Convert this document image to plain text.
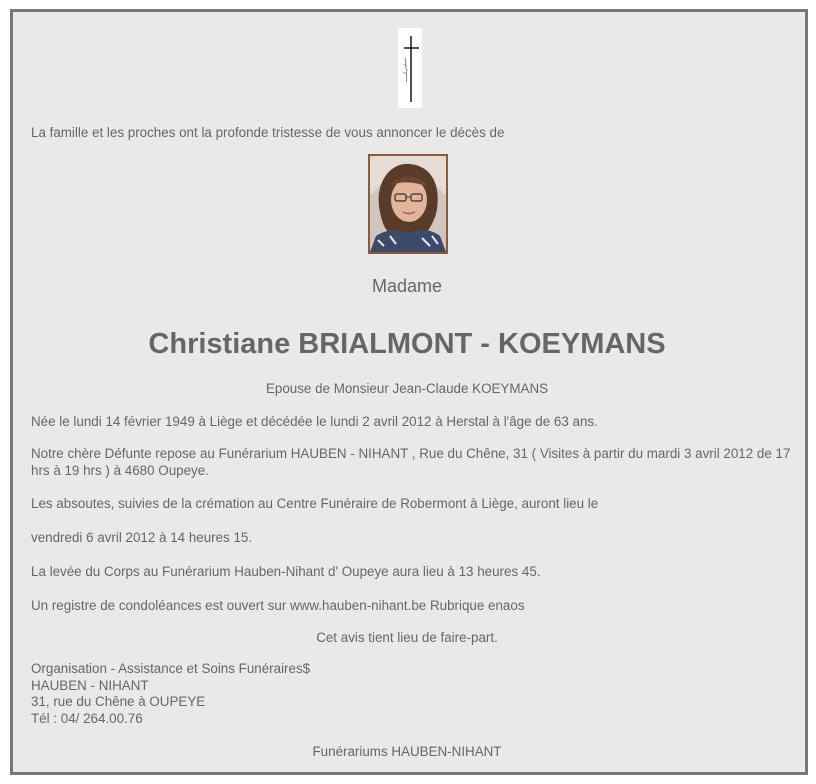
La famille et les proches ont la profonde tristesse de vous annoncer le décès de
Madame
Christiane BRIALMONT - KOEYMANS
Epouse de Monsieur Jean-Claude KOEYMANS
Née le lundi 14 février 1949 à Liège et décédée le lundi 2 avril 2012 à Herstal à l'âge de 63 ans.
Notre chère Défunte repose au Funérarium HAUBEN - NIHANT , Rue du Chêne, 31 ( Visites à partir du mardi 3 avril 2012 de 17 hrs à 19 hrs ) à 4680 Oupeye.
Les absoutes, suivies de la crémation au Centre Funéraire de Robermont à Liège, auront lieu le
vendredi 6 avril 2012 à 14 heures 15.
La levée du Corps au Funérarium Hauben-Nihant d' Oupeye aura lieu à 13 heures 45.
Un registre de condoléances est ouvert sur www.hauben-nihant.be Rubrique enaos
Cet avis tient lieu de faire-part.
Organisation - Assistance et Soins Funéraires$
HAUBEN - NIHANT
31, rue du Chêne à OUPEYE
Tél : 04/ 264.00.76
Funérariums HAUBEN-NIHANT
